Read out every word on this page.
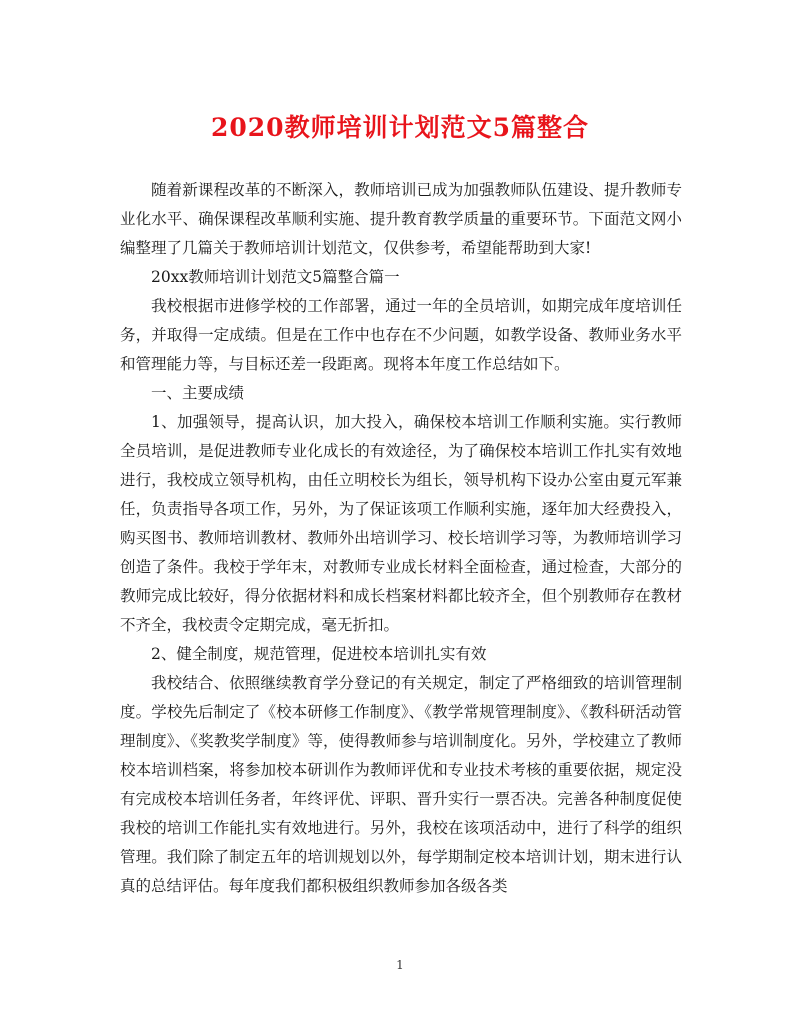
2020教师培训计划范文5篇整合

随着新课程改革的不断深入，教师培训已成为加强教师队伍建设、提升教师专业化水平、确保课程改革顺利实施、提升教育教学质量的重要环节。下面范文网小编整理了几篇关于教师培训计划范文，仅供参考，希望能帮助到大家!

20xx教师培训计划范文5篇整合篇一

我校根据市进修学校的工作部署，通过一年的全员培训，如期完成年度培训任务，并取得一定成绩。但是在工作中也存在不少问题，如教学设备、教师业务水平和管理能力等，与目标还差一段距离。现将本年度工作总结如下。

一、主要成绩

1、加强领导，提高认识，加大投入，确保校本培训工作顺利实施。实行教师全员培训，是促进教师专业化成长的有效途径，为了确保校本培训工作扎实有效地进行，我校成立领导机构，由任立明校长为组长，领导机构下设办公室由夏元军兼任，负责指导各项工作，另外，为了保证该项工作顺利实施，逐年加大经费投入，购买图书、教师培训教材、教师外出培训学习、校长培训学习等，为教师培训学习创造了条件。我校于学年末，对教师专业成长材料全面检查，通过检查，大部分的教师完成比较好，得分依据材料和成长档案材料都比较齐全，但个别教师存在教材不齐全，我校责令定期完成，毫无折扣。

2、健全制度，规范管理，促进校本培训扎实有效

我校结合、依照继续教育学分登记的有关规定，制定了严格细致的培训管理制度。学校先后制定了《校本研修工作制度》、《教学常规管理制度》、《教科研活动管理制度》、《奖教奖学制度》等，使得教师参与培训制度化。另外，学校建立了教师校本培训档案，将参加校本研训作为教师评优和专业技术考核的重要依据，规定没有完成校本培训任务者，年终评优、评职、晋升实行一票否决。完善各种制度促使我校的培训工作能扎实有效地进行。另外，我校在该项活动中，进行了科学的组织管理。我们除了制定五年的培训规划以外，每学期制定校本培训计划，期末进行认真的总结评估。每年度我们都积极组织教师参加各级各类

1
